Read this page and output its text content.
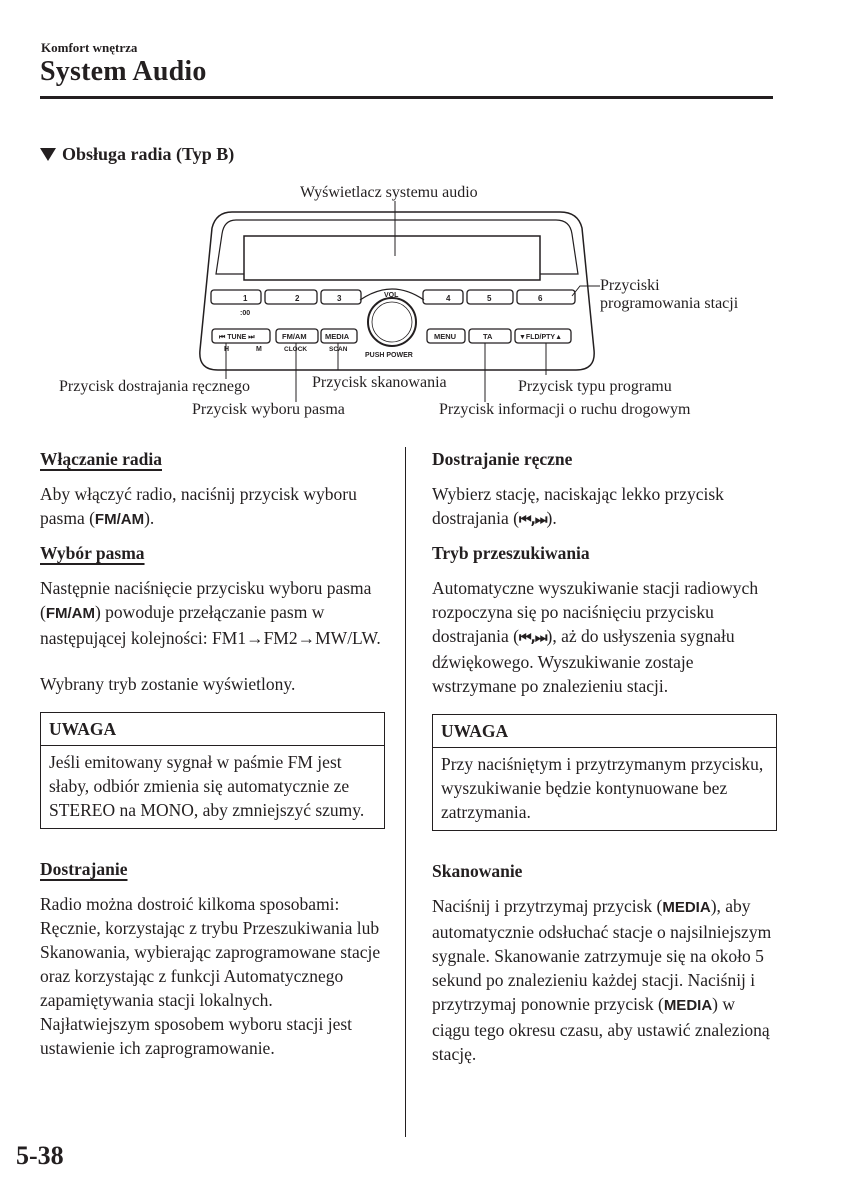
Komfort wnętrza
System Audio
Obsługa radia (Typ B)
1	2	3	4	5	6
:00
VOL
⏮ TUNE ⏭
H	M
FM/AM
CLOCK
MEDIA
SCAN
PUSH POWER
MENU	TA	▼FLD/PTY▲
Wyświetlacz systemu audio
Przyciski
programowania stacji
Przycisk dostrajania ręcznego	Przycisk skanowania	Przycisk typu programu
Przycisk wyboru pasma	Przycisk informacji o ruchu drogowym

Włączanie radia

Aby włączyć radio, naciśnij przycisk wyboru pasma (FM/AM).

Wybór pasma

Następnie naciśnięcie przycisku wyboru pasma (FM/AM) powoduje przełączanie pasm w następującej kolejności: FM1→FM2→MW/LW.

Wybrany tryb zostanie wyświetlony.

UWAGA
Jeśli emitowany sygnał w paśmie FM jest słaby, odbiór zmienia się automatycznie ze STEREO na MONO, aby zmniejszyć szumy.

Dostrajanie

Radio można dostroić kilkoma sposobami: Ręcznie, korzystając z trybu Przeszukiwania lub Skanowania, wybierając zaprogramowane stacje oraz korzystając z funkcji Automatycznego zapamiętywania stacji lokalnych. Najłatwiejszym sposobem wyboru stacji jest ustawienie ich zaprogramowanie.

Dostrajanie ręczne

Wybierz stację, naciskając lekko przycisk dostrajania (⏮,⏭).

Tryb przeszukiwania

Automatyczne wyszukiwanie stacji radiowych rozpoczyna się po naciśnięciu przycisku dostrajania (⏮,⏭), aż do usłyszenia sygnału dźwiękowego. Wyszukiwanie zostaje wstrzymane po znalezieniu stacji.

UWAGA
Przy naciśniętym i przytrzymanym przycisku, wyszukiwanie będzie kontynuowane bez zatrzymania.

Skanowanie

Naciśnij i przytrzymaj przycisk (MEDIA), aby automatycznie odsłuchać stacje o najsilniejszym sygnale. Skanowanie zatrzymuje się na około 5 sekund po znalezieniu każdej stacji. Naciśnij i przytrzymaj ponownie przycisk (MEDIA) w ciągu tego okresu czasu, aby ustawić znalezioną stację.

5-38
